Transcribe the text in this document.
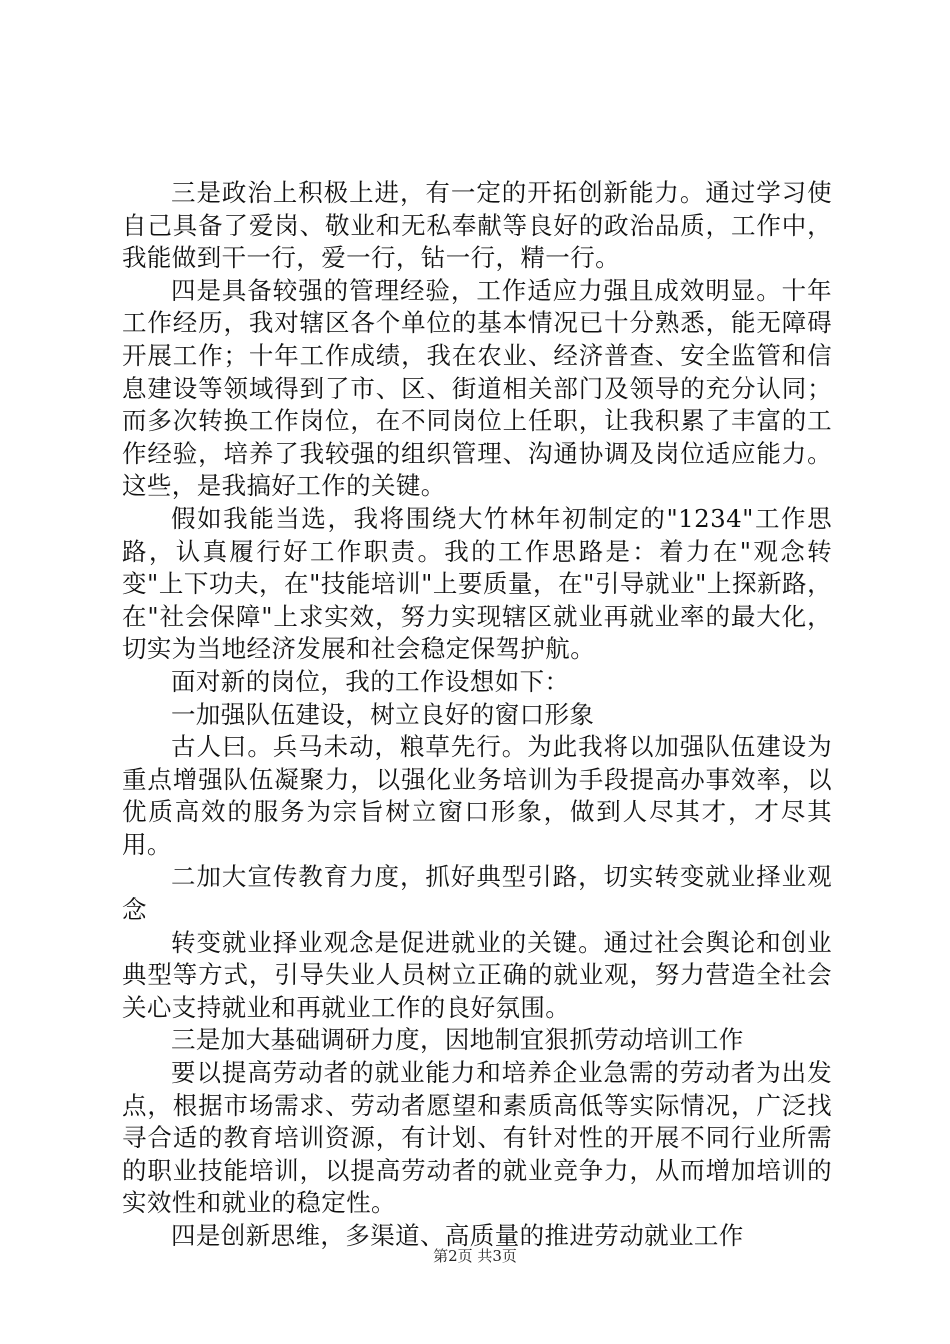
三是政治上积极上进，有一定的开拓创新能力。通过学习使自己具备了爱岗、敬业和无私奉献等良好的政治品质，工作中，我能做到干一行，爱一行，钻一行，精一行。

四是具备较强的管理经验，工作适应力强且成效明显。十年工作经历，我对辖区各个单位的基本情况已十分熟悉，能无障碍开展工作；十年工作成绩，我在农业、经济普查、安全监管和信息建设等领域得到了市、区、街道相关部门及领导的充分认同；而多次转换工作岗位，在不同岗位上任职，让我积累了丰富的工作经验，培养了我较强的组织管理、沟通协调及岗位适应能力。这些，是我搞好工作的关键。

假如我能当选，我将围绕大竹林年初制定的"1234"工作思路，认真履行好工作职责。我的工作思路是：着力在"观念转变"上下功夫，在"技能培训"上要质量，在"引导就业"上探新路，在"社会保障"上求实效，努力实现辖区就业再就业率的最大化，切实为当地经济发展和社会稳定保驾护航。

面对新的岗位，我的工作设想如下：

一加强队伍建设，树立良好的窗口形象

古人曰。兵马未动，粮草先行。为此我将以加强队伍建设为重点增强队伍凝聚力，以强化业务培训为手段提高办事效率，以优质高效的服务为宗旨树立窗口形象，做到人尽其才，才尽其用。

二加大宣传教育力度，抓好典型引路，切实转变就业择业观念

转变就业择业观念是促进就业的关键。通过社会舆论和创业典型等方式，引导失业人员树立正确的就业观，努力营造全社会关心支持就业和再就业工作的良好氛围。

三是加大基础调研力度，因地制宜狠抓劳动培训工作

要以提高劳动者的就业能力和培养企业急需的劳动者为出发点，根据市场需求、劳动者愿望和素质高低等实际情况，广泛找寻合适的教育培训资源，有计划、有针对性的开展不同行业所需的职业技能培训，以提高劳动者的就业竞争力，从而增加培训的实效性和就业的稳定性。

四是创新思维，多渠道、高质量的推进劳动就业工作

第2页 共3页
